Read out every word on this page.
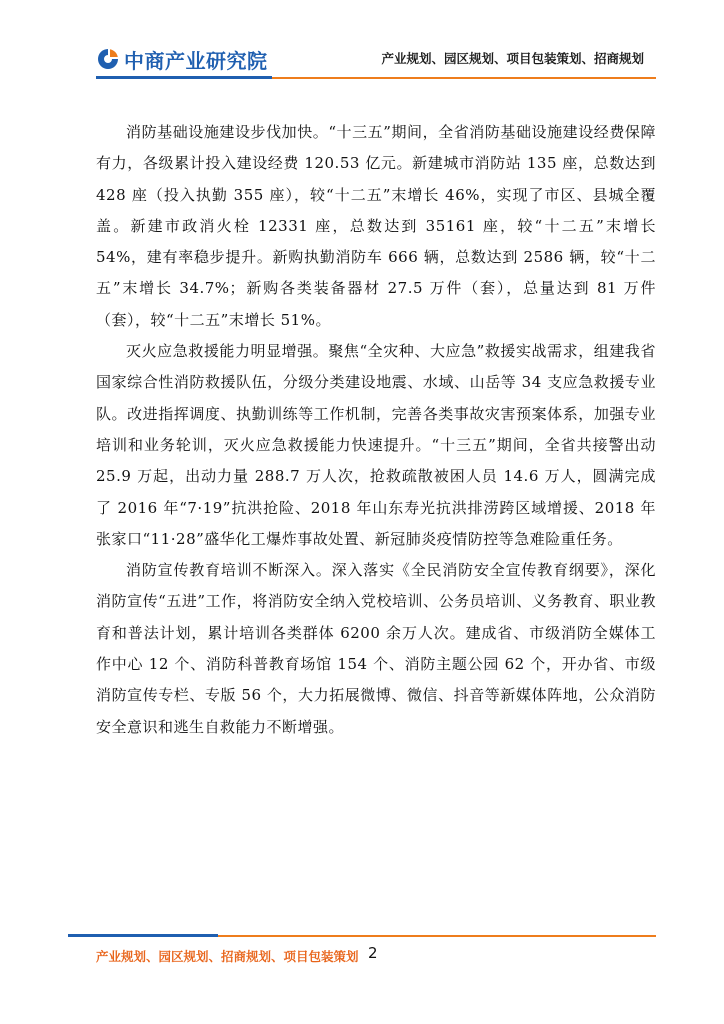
中商产业研究院	产业规划、园区规划、项目包装策划、招商规划

消防基础设施建设步伐加快。“十三五”期间，全省消防基础设施建设经费保障有力，各级累计投入建设经费 120.53 亿元。新建城市消防站 135 座，总数达到 428 座（投入执勤 355 座），较“十二五”末增长 46%，实现了市区、县城全覆盖。新建市政消火栓 12331 座，总数达到 35161 座，较“十二五”末增长 54%，建有率稳步提升。新购执勤消防车 666 辆，总数达到 2586 辆，较“十二五”末增长 34.7%；新购各类装备器材 27.5 万件（套），总量达到 81 万件（套），较“十二五”末增长 51%。

灭火应急救援能力明显增强。聚焦“全灾种、大应急”救援实战需求，组建我省国家综合性消防救援队伍，分级分类建设地震、水域、山岳等 34 支应急救援专业队。改进指挥调度、执勤训练等工作机制，完善各类事故灾害预案体系，加强专业培训和业务轮训，灭火应急救援能力快速提升。“十三五”期间，全省共接警出动 25.9 万起，出动力量 288.7 万人次，抢救疏散被困人员 14.6 万人，圆满完成了 2016 年“7·19”抗洪抢险、2018 年山东寿光抗洪排涝跨区域增援、2018 年张家口“11·28”盛华化工爆炸事故处置、新冠肺炎疫情防控等急难险重任务。

消防宣传教育培训不断深入。深入落实《全民消防安全宣传教育纲要》，深化消防宣传“五进”工作，将消防安全纳入党校培训、公务员培训、义务教育、职业教育和普法计划，累计培训各类群体 6200 余万人次。建成省、市级消防全媒体工作中心 12 个、消防科普教育场馆 154 个、消防主题公园 62 个，开办省、市级消防宣传专栏、专版 56 个，大力拓展微博、微信、抖音等新媒体阵地，公众消防安全意识和逃生自救能力不断增强。

产业规划、园区规划、招商规划、项目包装策划 2
